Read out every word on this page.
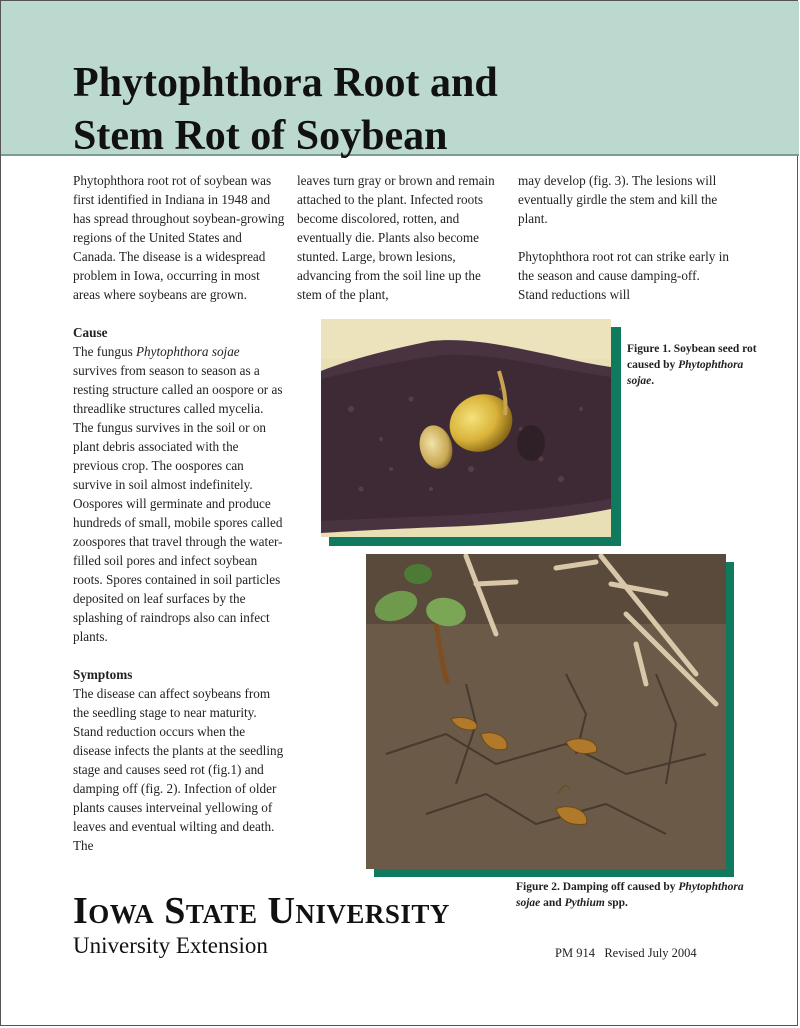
Phytophthora Root and
Stem Rot of Soybean

Phytophthora root rot of soybean was first identified in Indiana in 1948 and has spread throughout soybean-growing regions of the United States and Canada. The disease is a widespread problem in Iowa, occurring in most areas where soybeans are grown.

Cause

The fungus Phytophthora sojae survives from season to season as a resting structure called an oospore or as threadlike structures called mycelia. The fungus survives in the soil or on plant debris associated with the previous crop. The oospores can survive in soil almost indefinitely. Oospores will germinate and produce hundreds of small, mobile spores called zoospores that travel through the water-filled soil pores and infect soybean roots. Spores contained in soil particles deposited on leaf surfaces by the splashing of raindrops also can infect plants.

Symptoms

The disease can affect soybeans from the seedling stage to near maturity. Stand reduction occurs when the disease infects the plants at the seedling stage and causes seed rot (fig.1) and damping off (fig. 2). Infection of older plants causes interveinal yellowing of leaves and eventual wilting and death. The

leaves turn gray or brown and remain attached to the plant. Infected roots become discolored, rotten, and eventually die. Plants also become stunted. Large, brown lesions, advancing from the soil line up the stem of the plant,

may develop (fig. 3). The lesions will eventually girdle the stem and kill the plant.

Phytophthora root rot can strike early in the season and cause damping-off. Stand reductions will

Figure 1. Soybean seed rot caused by Phytophthora sojae.
Figure 2. Damping off caused by Phytophthora sojae and Pythium spp.
Iowa State University
University Extension	PM 914   Revised July 2004
